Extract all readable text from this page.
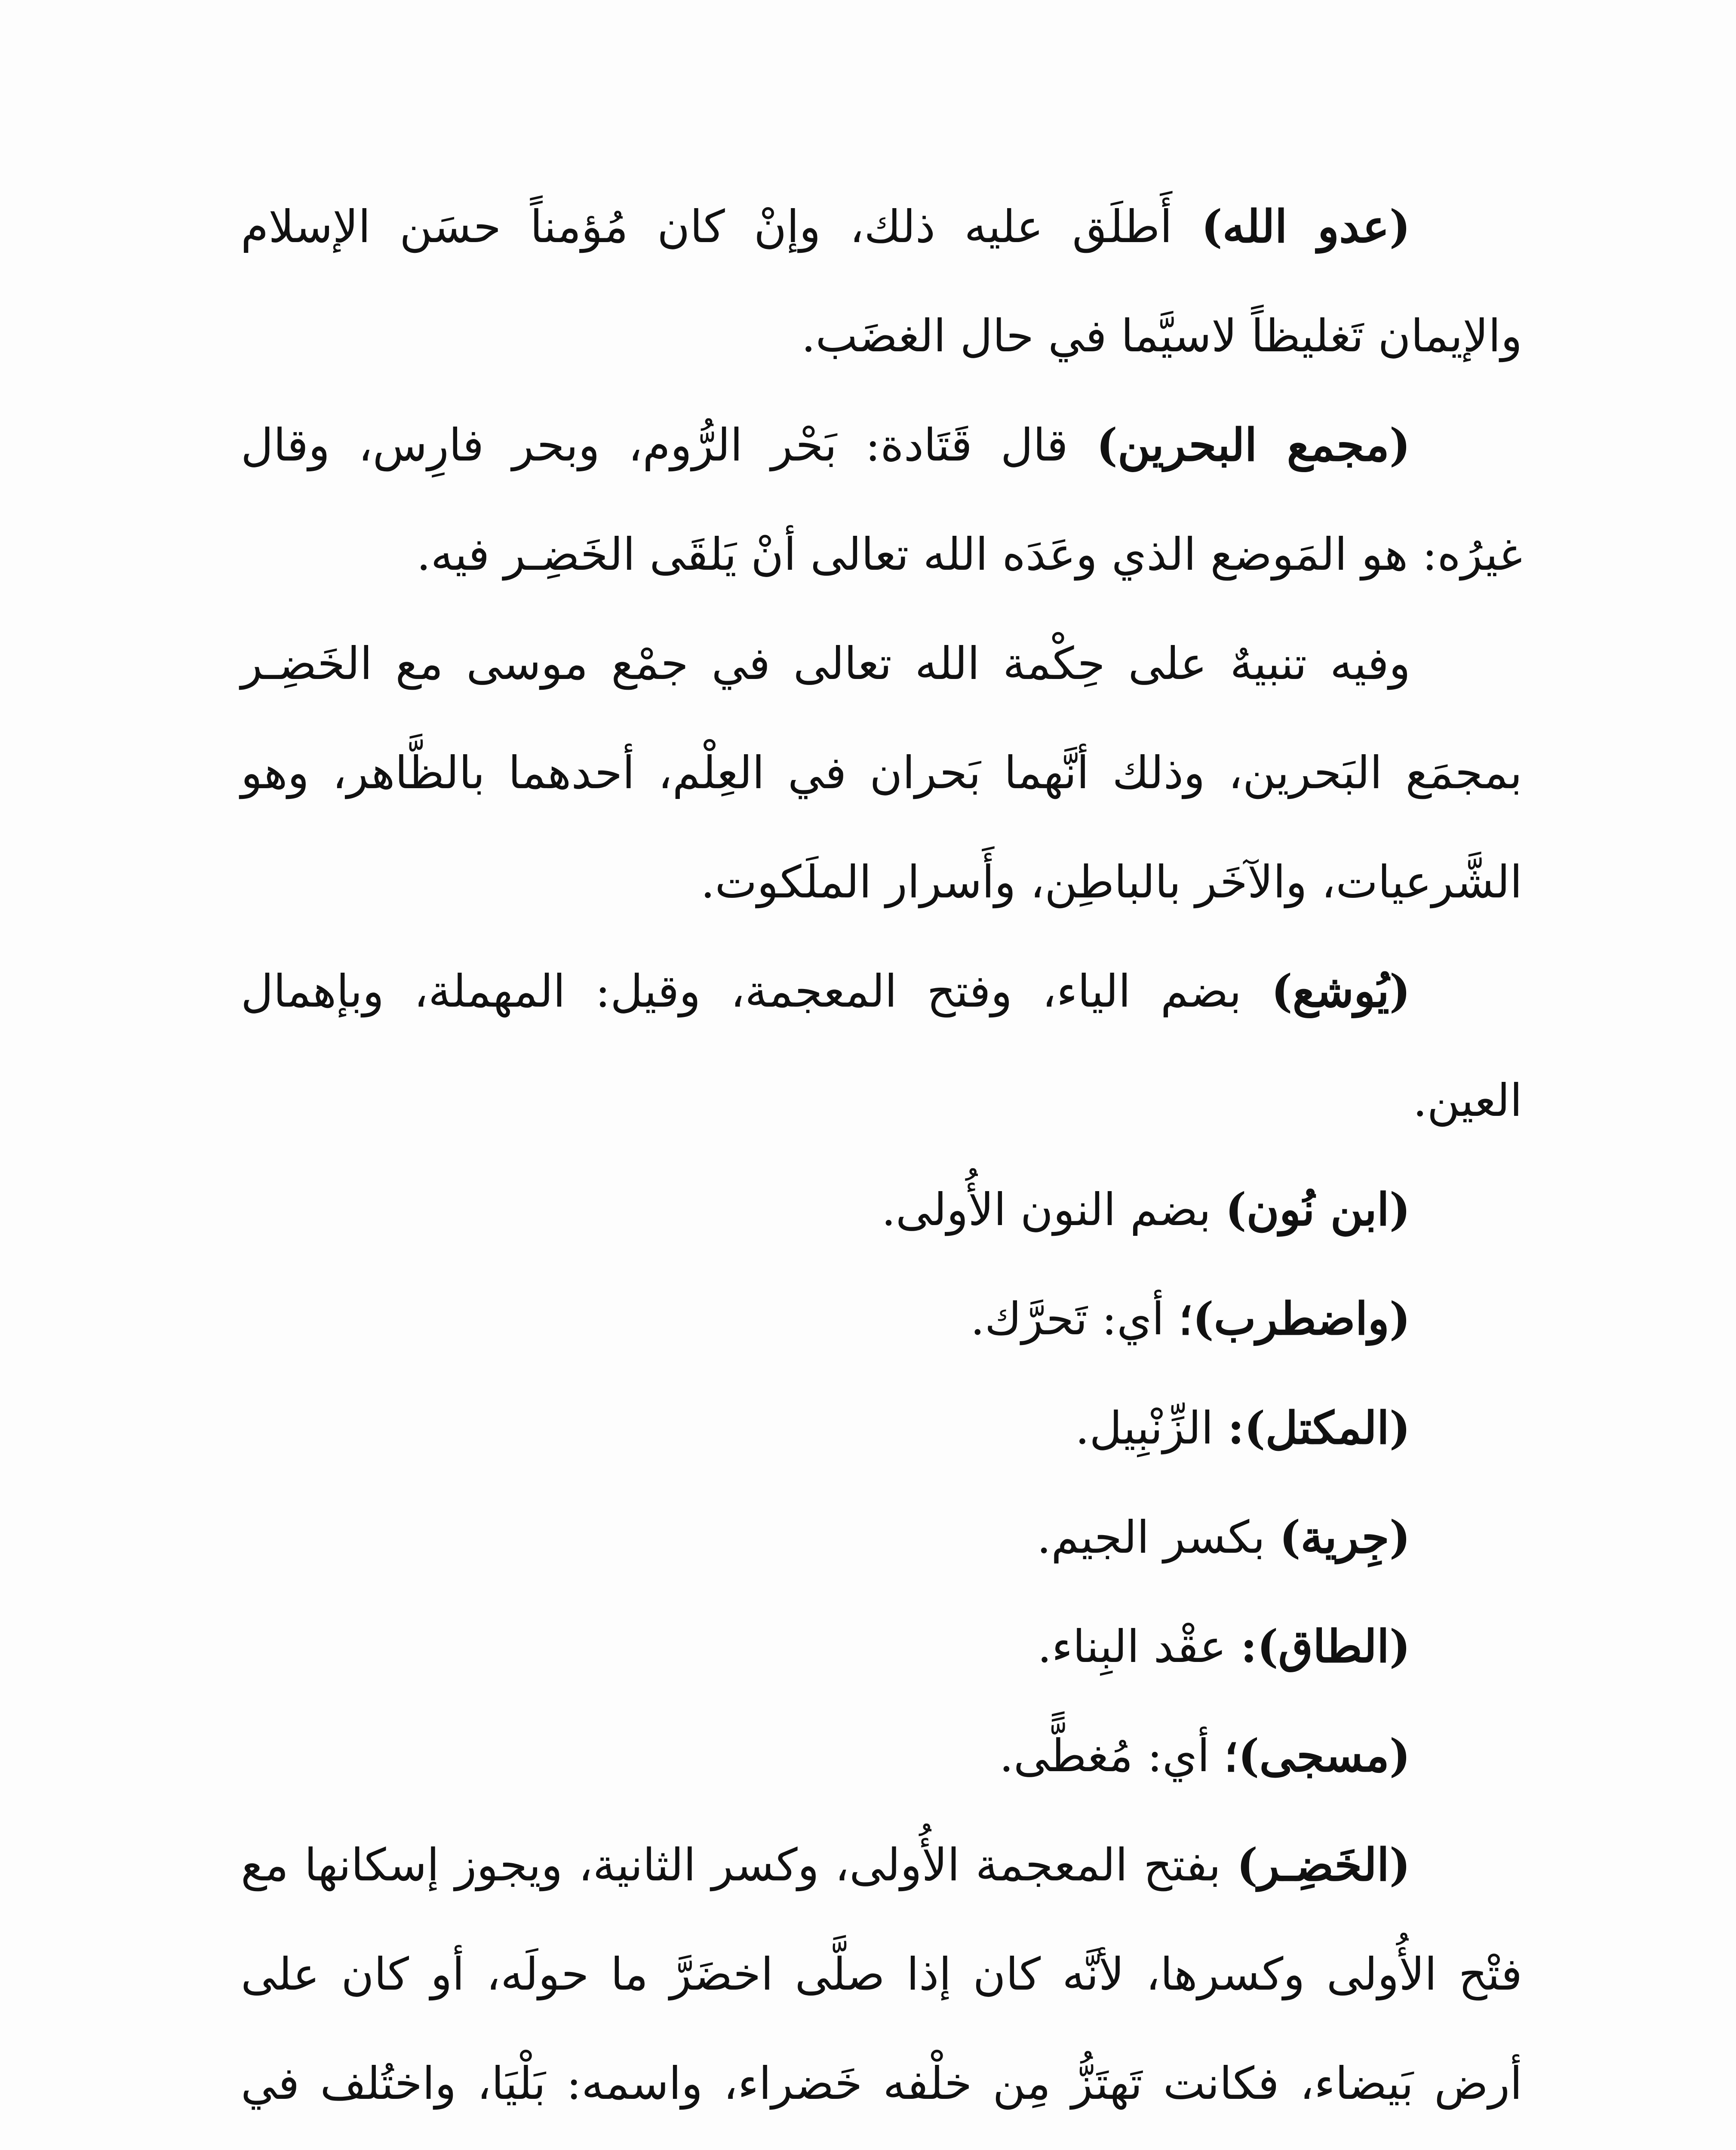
(عدو الله) أَطلَق عليه ذلك، وإنْ كان مُؤمناً حسَن الإسلام والإيمان تَغليظاً لاسيَّما في حال الغضَب.

(مجمع البحرين) قال قَتَادة: بَحْر الرُّوم، وبحر فارِس، وقال غيرُه: هو المَوضع الذي وعَدَه الله تعالى أنْ يَلقَى الخَضِـر فيه.

وفيه تنبيهٌ على حِكْمة الله تعالى في جمْع موسى مع الخَضِـر بمجمَع البَحرين، وذلك أنَّهما بَحران في العِلْم، أحدهما بالظَّاهر، وهو الشَّرعيات، والآخَر بالباطِن، وأَسرار الملَكوت.

(يُوشع) بضم الياء، وفتح المعجمة، وقيل: المهملة، وبإهمال العين.

(ابن نُون) بضم النون الأُولى.

(واضطرب)؛ أي: تَحرَّك.

(المكتل): الزِّنْبِيل.

(جِرية) بكسر الجيم.

(الطاق): عقْد البِناء.

(مسجى)؛ أي: مُغطًّى.

(الخَضِـر) بفتح المعجمة الأُولى، وكسر الثانية، ويجوز إسكانها مع فتْح الأُولى وكسرها، لأنَّه كان إذا صلَّى اخضَرَّ ما حولَه، أو كان على أرض بَيضاء، فكانت تَهتَزُّ مِن خلْفه خَضراء، واسمه: بَلْيَا، واختُلف في
